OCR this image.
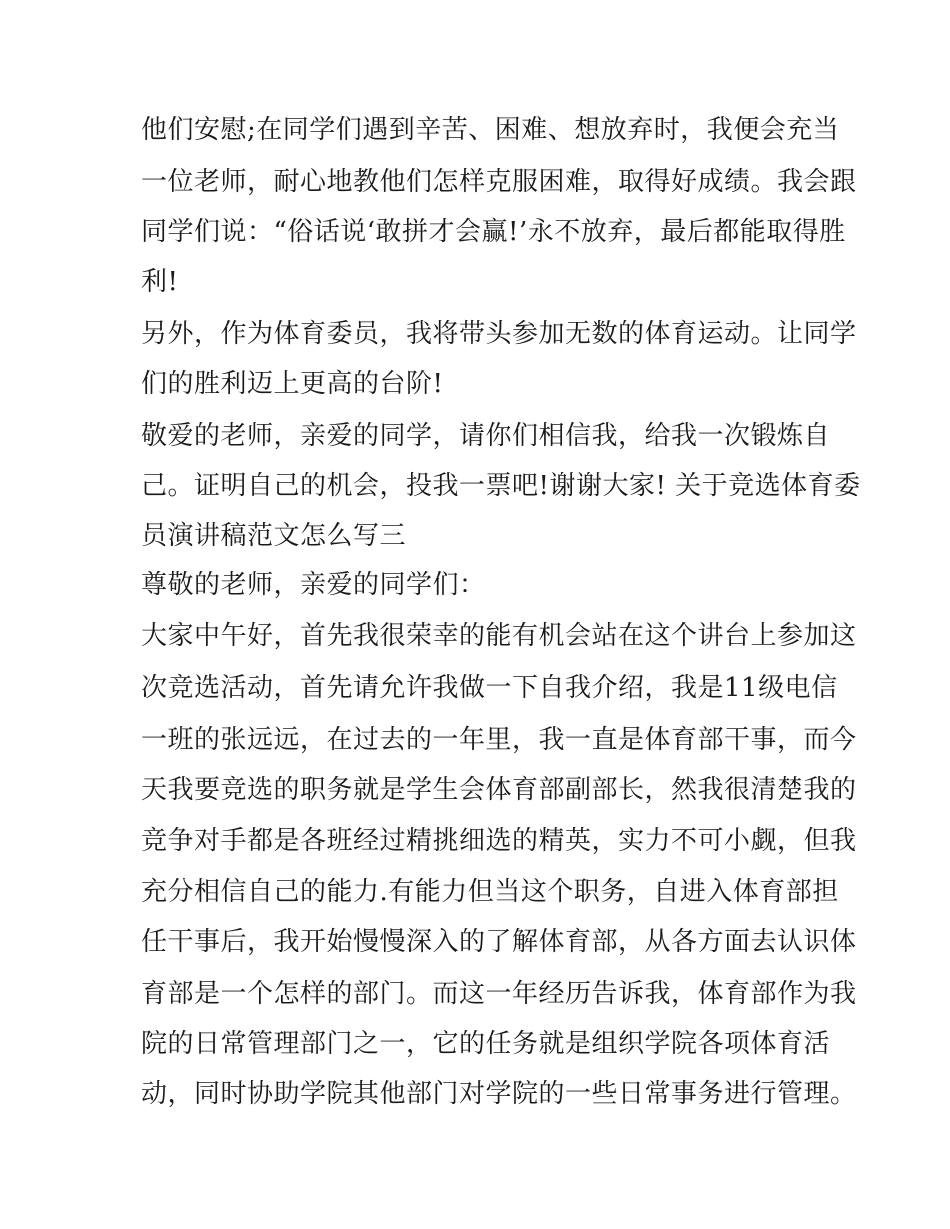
他们安慰;在同学们遇到辛苦、困难、想放弃时，我便会充当
一位老师，耐心地教他们怎样克服困难，取得好成绩。我会跟
同学们说：“俗话说‘敢拼才会赢!’永不放弃，最后都能取得胜
利!
另外，作为体育委员，我将带头参加无数的体育运动。让同学
们的胜利迈上更高的台阶!
敬爱的老师，亲爱的同学，请你们相信我，给我一次锻炼自
己。证明自己的机会，投我一票吧!谢谢大家! 关于竞选体育委
员演讲稿范文怎么写三
尊敬的老师，亲爱的同学们：
大家中午好，首先我很荣幸的能有机会站在这个讲台上参加这
次竞选活动，首先请允许我做一下自我介绍，我是11级电信
一班的张远远，在过去的一年里，我一直是体育部干事，而今
天我要竞选的职务就是学生会体育部副部长，然我很清楚我的
竞争对手都是各班经过精挑细选的精英，实力不可小觑，但我
充分相信自己的能力.有能力但当这个职务，自进入体育部担
任干事后，我开始慢慢深入的了解体育部，从各方面去认识体
育部是一个怎样的部门。而这一年经历告诉我，体育部作为我
院的日常管理部门之一，它的任务就是组织学院各项体育活
动，同时协助学院其他部门对学院的一些日常事务进行管理。
